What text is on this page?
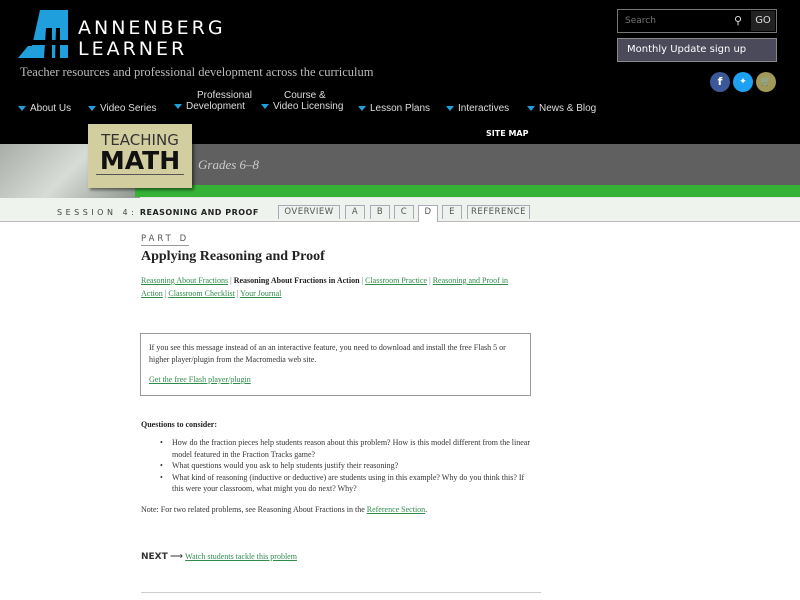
ANNENBERG
LEARNER
Teacher resources and professional development across the curriculum
About Us	Video Series
Professional
Development
Course &
Video Licensing	Lesson Plans	Interactives	News & Blog
Search
⚲	GO
Monthly Update sign up
f	✦	🛒
SITE MAP
TEACHING
MATH Grades 6–8
SESSION 4: REASONING AND PROOF	OVERVIEW	A	B	C	D	E	REFERENCE
PART D
Applying Reasoning and Proof
Reasoning About Fractions | Reasoning About Fractions in Action | Classroom Practice | Reasoning and Proof in Action | Classroom Checklist | Your Journal
If you see this message instead of an an interactive feature, you need to download and install the free Flash 5 or higher player/plugin from the Macromedia web site.
Get the free Flash player/plugin
Questions to consider:
• How do the fraction pieces help students reason about this problem? How is this model different from the linear model featured in the Fraction Tracks game?
• What questions would you ask to help students justify their reasoning?
• What kind of reasoning (inductive or deductive) are students using in this example? Why do you think this? If this were your classroom, what might you do next? Why?
Note: For two related problems, see Reasoning About Fractions in the Reference Section.
NEXT ⟶ Watch students tackle this problem
